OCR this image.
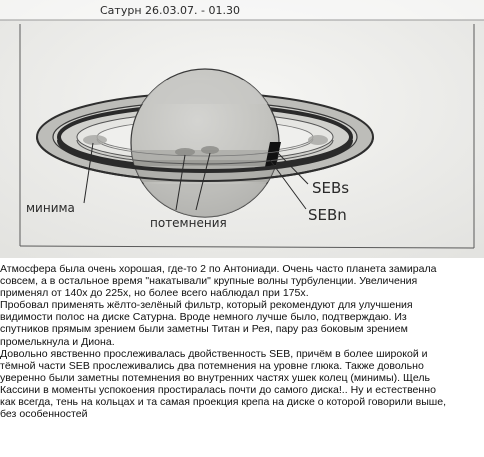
Сатурн 26.03.07. - 01.30
минима
потемнения
SEBs
SEBn

Атмосфера была очень хорошая, где-то 2 по Антониади. Очень часто планета замирала

совсем, а в остальное время "накатывали" крупные волны турбуленции. Увеличения

применял от 140х до 225х, но более всего наблюдал при 175х.

Пробовал применять жёлто-зелёный фильтр, который рекомендуют для улучшения

видимости полос на диске Сатурна. Вроде немного лучше было, подтверждаю. Из

спутников прямым зрением были заметны Титан и Рея, пару раз боковым зрением

промелькнула и Диона.

Довольно явственно прослеживалась двойственность SEB, причём в более широкой и

тёмной части SEB прослеживались два потемнения на уровне глюка. Также довольно

уверенно были заметны потемнения во внутренних частях ушек колец (минимы). Щель

Кассини в моменты успокоения простиралась почти до самого диска!.. Ну и естественно

как всегда, тень на кольцах и та самая проекция крепа на диске о которой говорили выше,

без особенностей
